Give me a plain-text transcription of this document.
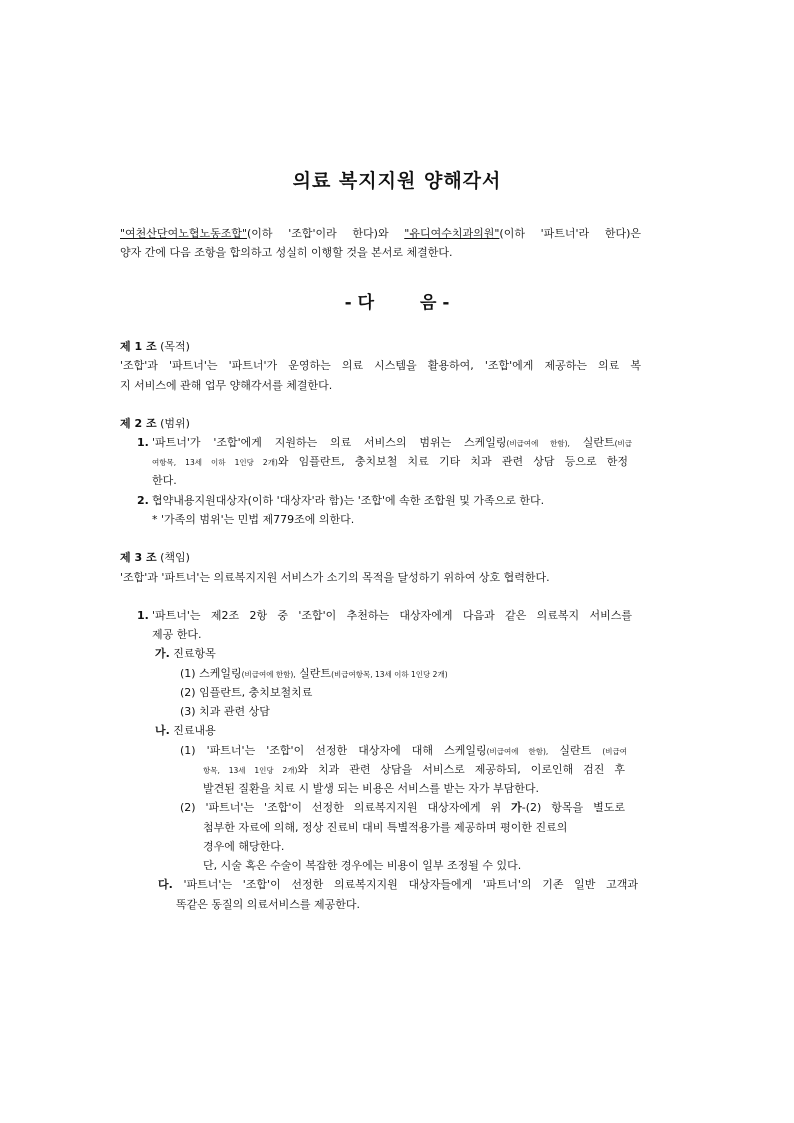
의료 복지지원 양해각서
"여천산단여노협노동조합"(이하 '조합'이라 한다)와 "유디여수치과의원"(이하 '파트너'라 한다)은
양자 간에 다음 조항을 합의하고 성실히 이행할 것을 본서로 체결한다.
- 다	음 -
제 1 조 (목적)
'조합'과 '파트너'는 '파트너'가 운영하는 의료 시스템을 활용하여, '조합'에게 제공하는 의료 복
지 서비스에 관해 업무 양해각서를 체결한다.
제 2 조 (범위)
1. '파트너'가 '조합'에게 지원하는 의료 서비스의 범위는 스케일링(비급여에 한함), 실란트(비급
여항목, 13세 이하 1인당 2개)와 임플란트, 충치보철 치료 기타 치과 관련 상담 등으로 한정
한다.
2. 협약내용지원대상자(이하 '대상자'라 함)는 '조합'에 속한 조합원 및 가족으로 한다.
* '가족의 범위'는 민법 제779조에 의한다.
제 3 조 (책임)
'조합'과 '파트너'는 의료복지지원 서비스가 소기의 목적을 달성하기 위하여 상호 협력한다.
1. '파트너'는 제2조 2항 중 '조합'이 추천하는 대상자에게 다음과 같은 의료복지 서비스를
제공 한다.
가. 진료항목
(1) 스케일링(비급여에 한함), 실란트(비급여항목, 13세 이하 1인당 2개)
(2) 임플란트, 충치보철치료
(3) 치과 관련 상담
나. 진료내용
(1) '파트너'는 '조합'이 선정한 대상자에 대해 스케일링(비급여에 한함), 실란트 (비급여
항목, 13세 1인당 2개)와 치과 관련 상담을 서비스로 제공하되, 이로인해 검진 후
발견된 질환을 치료 시 발생 되는 비용은 서비스를 받는 자가 부담한다.
(2) '파트너'는 '조합'이 선정한 의료복지지원 대상자에게 위 가-(2) 항목을 별도로
첨부한 자료에 의해, 정상 진료비 대비 특별적용가를 제공하며 평이한 진료의
경우에 해당한다.
단, 시술 혹은 수술이 복잡한 경우에는 비용이 일부 조정될 수 있다.
다. '파트너'는 '조합'이 선정한 의료복지지원 대상자들에게 '파트너'의 기존 일반 고객과
똑같은 동질의 의료서비스를 제공한다.
